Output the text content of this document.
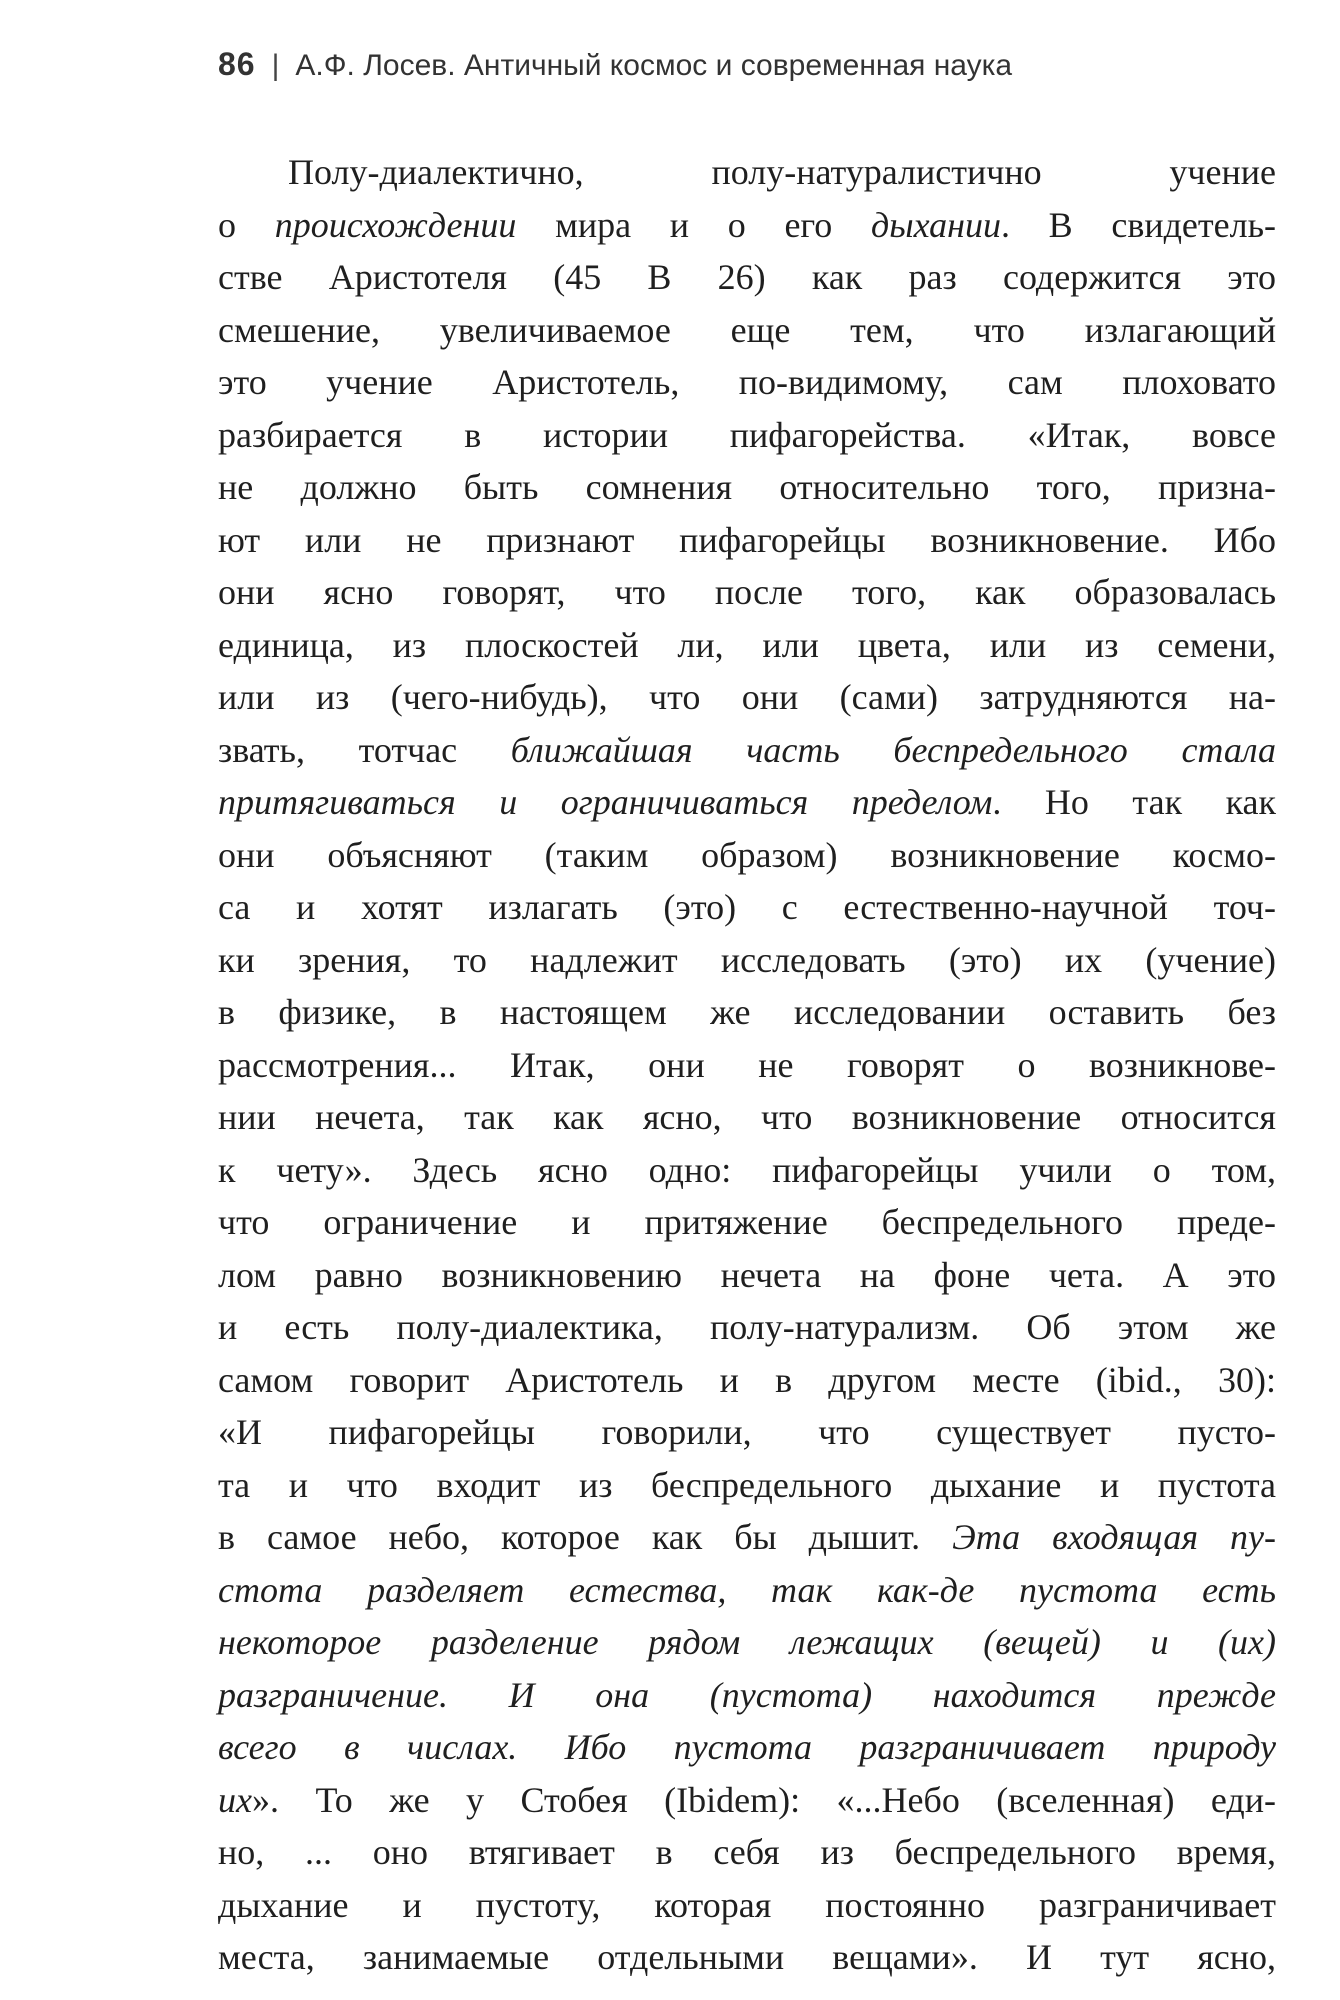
86 | А.Ф. Лосев. Античный космос и современная наука
Полу-диалектично, полу-натуралистично учение
о происхождении мира и о его дыхании. В свидетель-
стве Аристотеля (45 В 26) как раз содержится это
смешение, увеличиваемое еще тем, что излагающий
это учение Аристотель, по-видимому, сам плоховато
разбирается в истории пифагорейства. «Итак, вовсе
не должно быть сомнения относительно того, призна-
ют или не признают пифагорейцы возникновение. Ибо
они ясно говорят, что после того, как образовалась
единица, из плоскостей ли, или цвета, или из семени,
или из (чего-нибудь), что они (сами) затрудняются на-
звать, тотчас ближайшая часть беспредельного стала
притягиваться и ограничиваться пределом. Но так как
они объясняют (таким образом) возникновение космо-
са и хотят излагать (это) с естественно-научной точ-
ки зрения, то надлежит исследовать (это) их (учение)
в физике, в настоящем же исследовании оставить без
рассмотрения... Итак, они не говорят о возникнове-
нии нечета, так как ясно, что возникновение относится
к чету». Здесь ясно одно: пифагорейцы учили о том,
что ограничение и притяжение беспредельного преде-
лом равно возникновению нечета на фоне чета. А это
и есть полу-диалектика, полу-натурализм. Об этом же
самом говорит Аристотель и в другом месте (ibid., 30):
«И пифагорейцы говорили, что существует пусто-
та и что входит из беспредельного дыхание и пустота
в самое небо, которое как бы дышит. Эта входящая пу-
стота разделяет естества, так как-де пустота есть
некоторое разделение рядом лежащих (вещей) и (их)
разграничение. И она (пустота) находится прежде
всего в числах. Ибо пустота разграничивает природу
их». То же у Стобея (Ibidem): «...Небо (вселенная) еди-
но, ... оно втягивает в себя из беспредельного время,
дыхание и пустоту, которая постоянно разграничивает
места, занимаемые отдельными вещами». И тут ясно,
